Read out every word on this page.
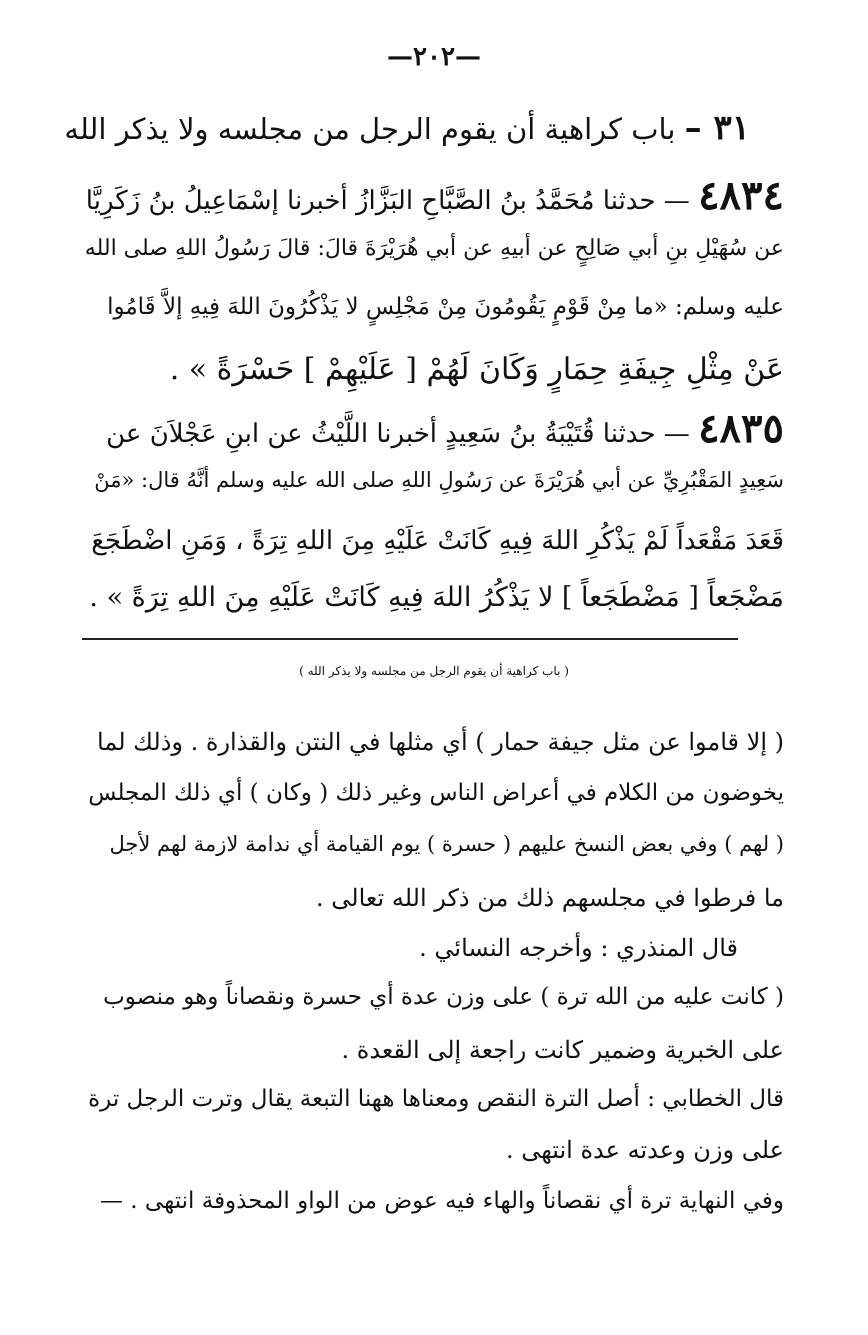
—٢٠٢—
٣١ – باب كراهية أن يقوم الرجل من مجلسه ولا يذكر الله
٤٨٣٤ — حدثنا مُحَمَّدُ بنُ الصَّبَّاحِ البَزَّازُ أخبرنا إسْمَاعِيلُ بنُ زَكَرِيَّا
عن سُهَيْلِ بنِ أبي صَالِحٍ عن أبيهِ عن أبي هُرَيْرَةَ قالَ: قالَ رَسُولُ اللهِ صلى الله
عليه وسلم: «ما مِنْ قَوْمٍ يَقُومُونَ مِنْ مَجْلِسٍ لا يَذْكُرُونَ اللهَ فِيهِ إلاَّ قَامُوا
عَنْ مِثْلِ جِيفَةِ حِمَارٍ وَكَانَ لَهُمْ [ عَلَيْهِمْ ] حَسْرَةً » .
٤٨٣٥ — حدثنا قُتَيْبَةُ بنُ سَعِيدٍ أخبرنا اللَّيْثُ عن ابنِ عَجْلاَنَ عن
سَعِيدٍ المَقْبُرِيِّ عن أبي هُرَيْرَةَ عن رَسُولِ اللهِ صلى الله عليه وسلم أنَّهُ قال: «مَنْ
قَعَدَ مَقْعَداً لَمْ يَذْكُرِ اللهَ فِيهِ كَانَتْ عَلَيْهِ مِنَ اللهِ تِرَةً ، وَمَنِ اضْطَجَعَ
مَضْجَعاً [ مَضْطَجَعاً ] لا يَذْكُرُ اللهَ فِيهِ كَانَتْ عَلَيْهِ مِنَ اللهِ تِرَةً » .
( باب كراهية أن يقوم الرجل من مجلسه ولا يذكر الله )
( إلا قاموا عن مثل جيفة حمار ) أي مثلها في النتن والقذارة . وذلك لما
يخوضون من الكلام في أعراض الناس وغير ذلك ( وكان ) أي ذلك المجلس
( لهم ) وفي بعض النسخ عليهم ( حسرة ) يوم القيامة أي ندامة لازمة لهم لأجل
ما فرطوا في مجلسهم ذلك من ذكر الله تعالى .
قال المنذري : وأخرجه النسائي .
( كانت عليه من الله ترة ) على وزن عدة أي حسرة ونقصاناً وهو منصوب
على الخبرية وضمير كانت راجعة إلى القعدة .
قال الخطابي : أصل الترة النقص ومعناها ههنا التبعة يقال وترت الرجل ترة
على وزن وعدته عدة انتهى .
وفي النهاية ترة أي نقصاناً والهاء فيه عوض من الواو المحذوفة انتهى . —
